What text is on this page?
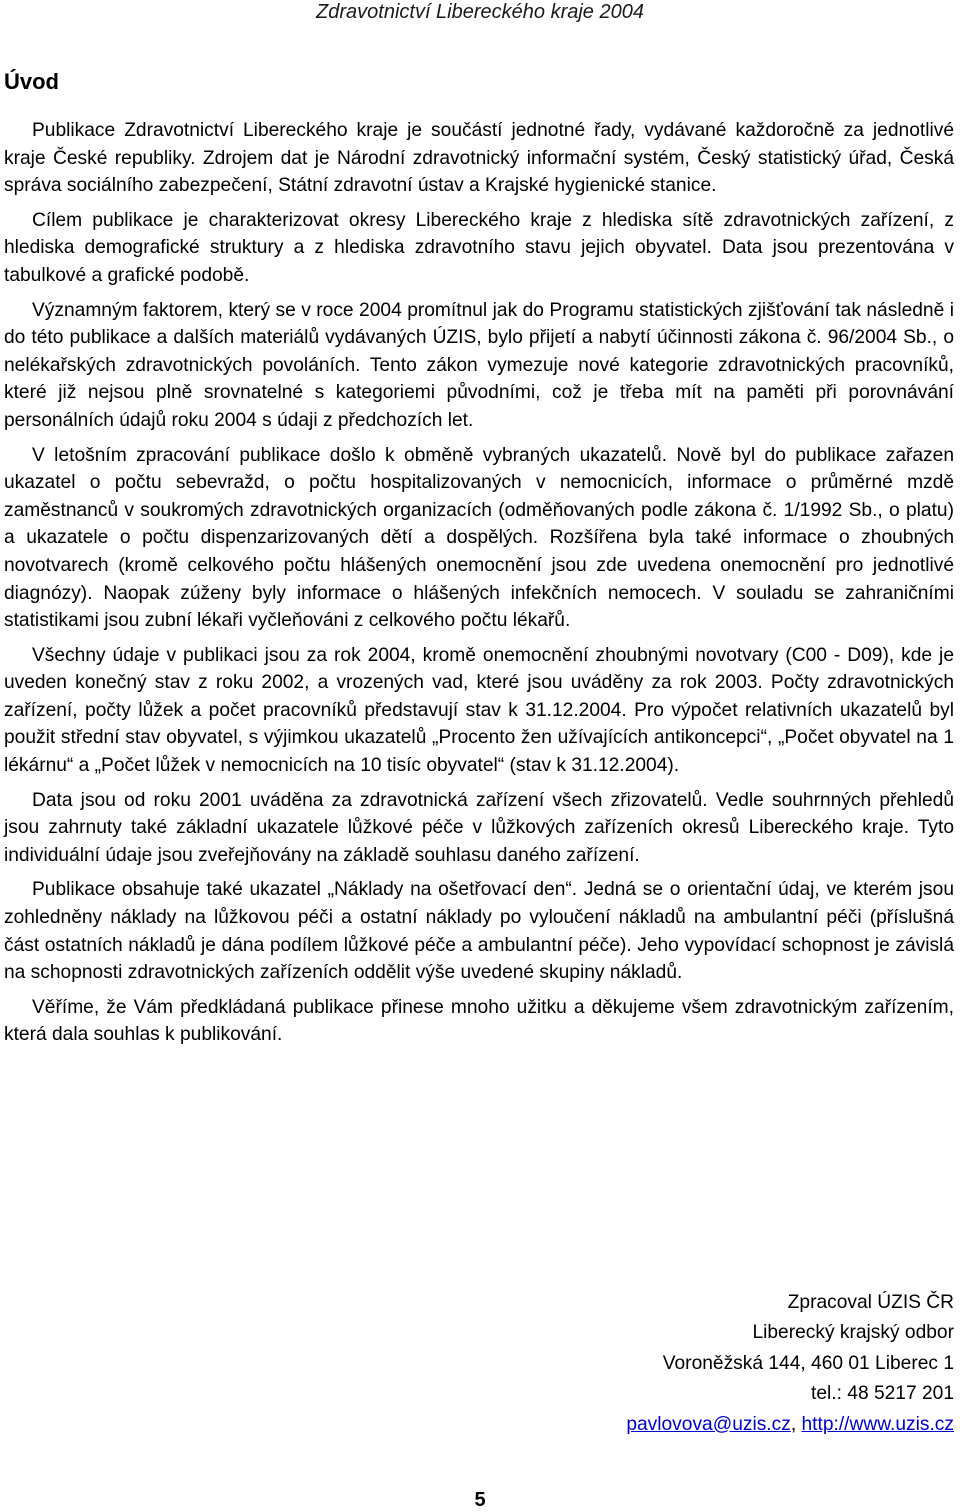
Zdravotnictví Libereckého kraje 2004
Úvod

Publikace Zdravotnictví Libereckého kraje je součástí jednotné řady, vydávané každoročně za jednotlivé kraje České republiky. Zdrojem dat je Národní zdravotnický informační systém, Český statistický úřad, Česká správa sociálního zabezpečení, Státní zdravotní ústav a Krajské hygienické stanice.

Cílem publikace je charakterizovat okresy Libereckého kraje z hlediska sítě zdravotnických zařízení, z hlediska demografické struktury a z hlediska zdravotního stavu jejich obyvatel. Data jsou prezentována v tabulkové a grafické podobě.

Významným faktorem, který se v roce 2004 promítnul jak do Programu statistických zjišťování tak následně i do této publikace a dalších materiálů vydávaných ÚZIS, bylo přijetí a nabytí účinnosti zákona č. 96/2004 Sb., o nelékařských zdravotnických povoláních. Tento zákon vymezuje nové kategorie zdravotnických pracovníků, které již nejsou plně srovnatelné s kategoriemi původními, což je třeba mít na paměti při porovnávání personálních údajů roku 2004 s údaji z předchozích let.

V letošním zpracování publikace došlo k obměně vybraných ukazatelů. Nově byl do publikace zařazen ukazatel o počtu sebevražd, o počtu hospitalizovaných v nemocnicích, informace o průměrné mzdě zaměstnanců v soukromých zdravotnických organizacích (odměňovaných podle zákona č. 1/1992 Sb., o platu) a ukazatele o počtu dispenzarizovaných dětí a dospělých. Rozšířena byla také informace o zhoubných novotvarech (kromě celkového počtu hlášených onemocnění jsou zde uvedena onemocnění pro jednotlivé diagnózy). Naopak zúženy byly informace o hlášených infekčních nemocech. V souladu se zahraničními statistikami jsou zubní lékaři vyčleňováni z celkového počtu lékařů.

Všechny údaje v publikaci jsou za rok 2004, kromě onemocnění zhoubnými novotvary (C00 - D09), kde je uveden konečný stav z roku 2002, a vrozených vad, které jsou uváděny za rok 2003. Počty zdravotnických zařízení, počty lůžek a počet pracovníků představují stav k 31.12.2004. Pro výpočet relativních ukazatelů byl použit střední stav obyvatel, s výjimkou ukazatelů „Procento žen užívajících antikoncepci“, „Počet obyvatel na 1 lékárnu“ a „Počet lůžek v nemocnicích na 10 tisíc obyvatel“ (stav k 31.12.2004).

Data jsou od roku 2001 uváděna za zdravotnická zařízení všech zřizovatelů. Vedle souhrnných přehledů jsou zahrnuty také základní ukazatele lůžkové péče v lůžkových zařízeních okresů Libereckého kraje. Tyto individuální údaje jsou zveřejňovány na základě souhlasu daného zařízení.

Publikace obsahuje také ukazatel „Náklady na ošetřovací den“. Jedná se o orientační údaj, ve kterém jsou zohledněny náklady na lůžkovou péči a ostatní náklady po vyloučení nákladů na ambulantní péči (příslušná část ostatních nákladů je dána podílem lůžkové péče a ambulantní péče). Jeho vypovídací schopnost je závislá na schopnosti zdravotnických zařízeních oddělit výše uvedené skupiny nákladů.

Věříme, že Vám předkládaná publikace přinese mnoho užitku a děkujeme všem zdravotnickým zařízením, která dala souhlas k publikování.

Zpracoval ÚZIS ČR
Liberecký krajský odbor
Voroněžská 144, 460 01 Liberec 1
tel.: 48 5217 201
pavlovova@uzis.cz, http://www.uzis.cz
5
